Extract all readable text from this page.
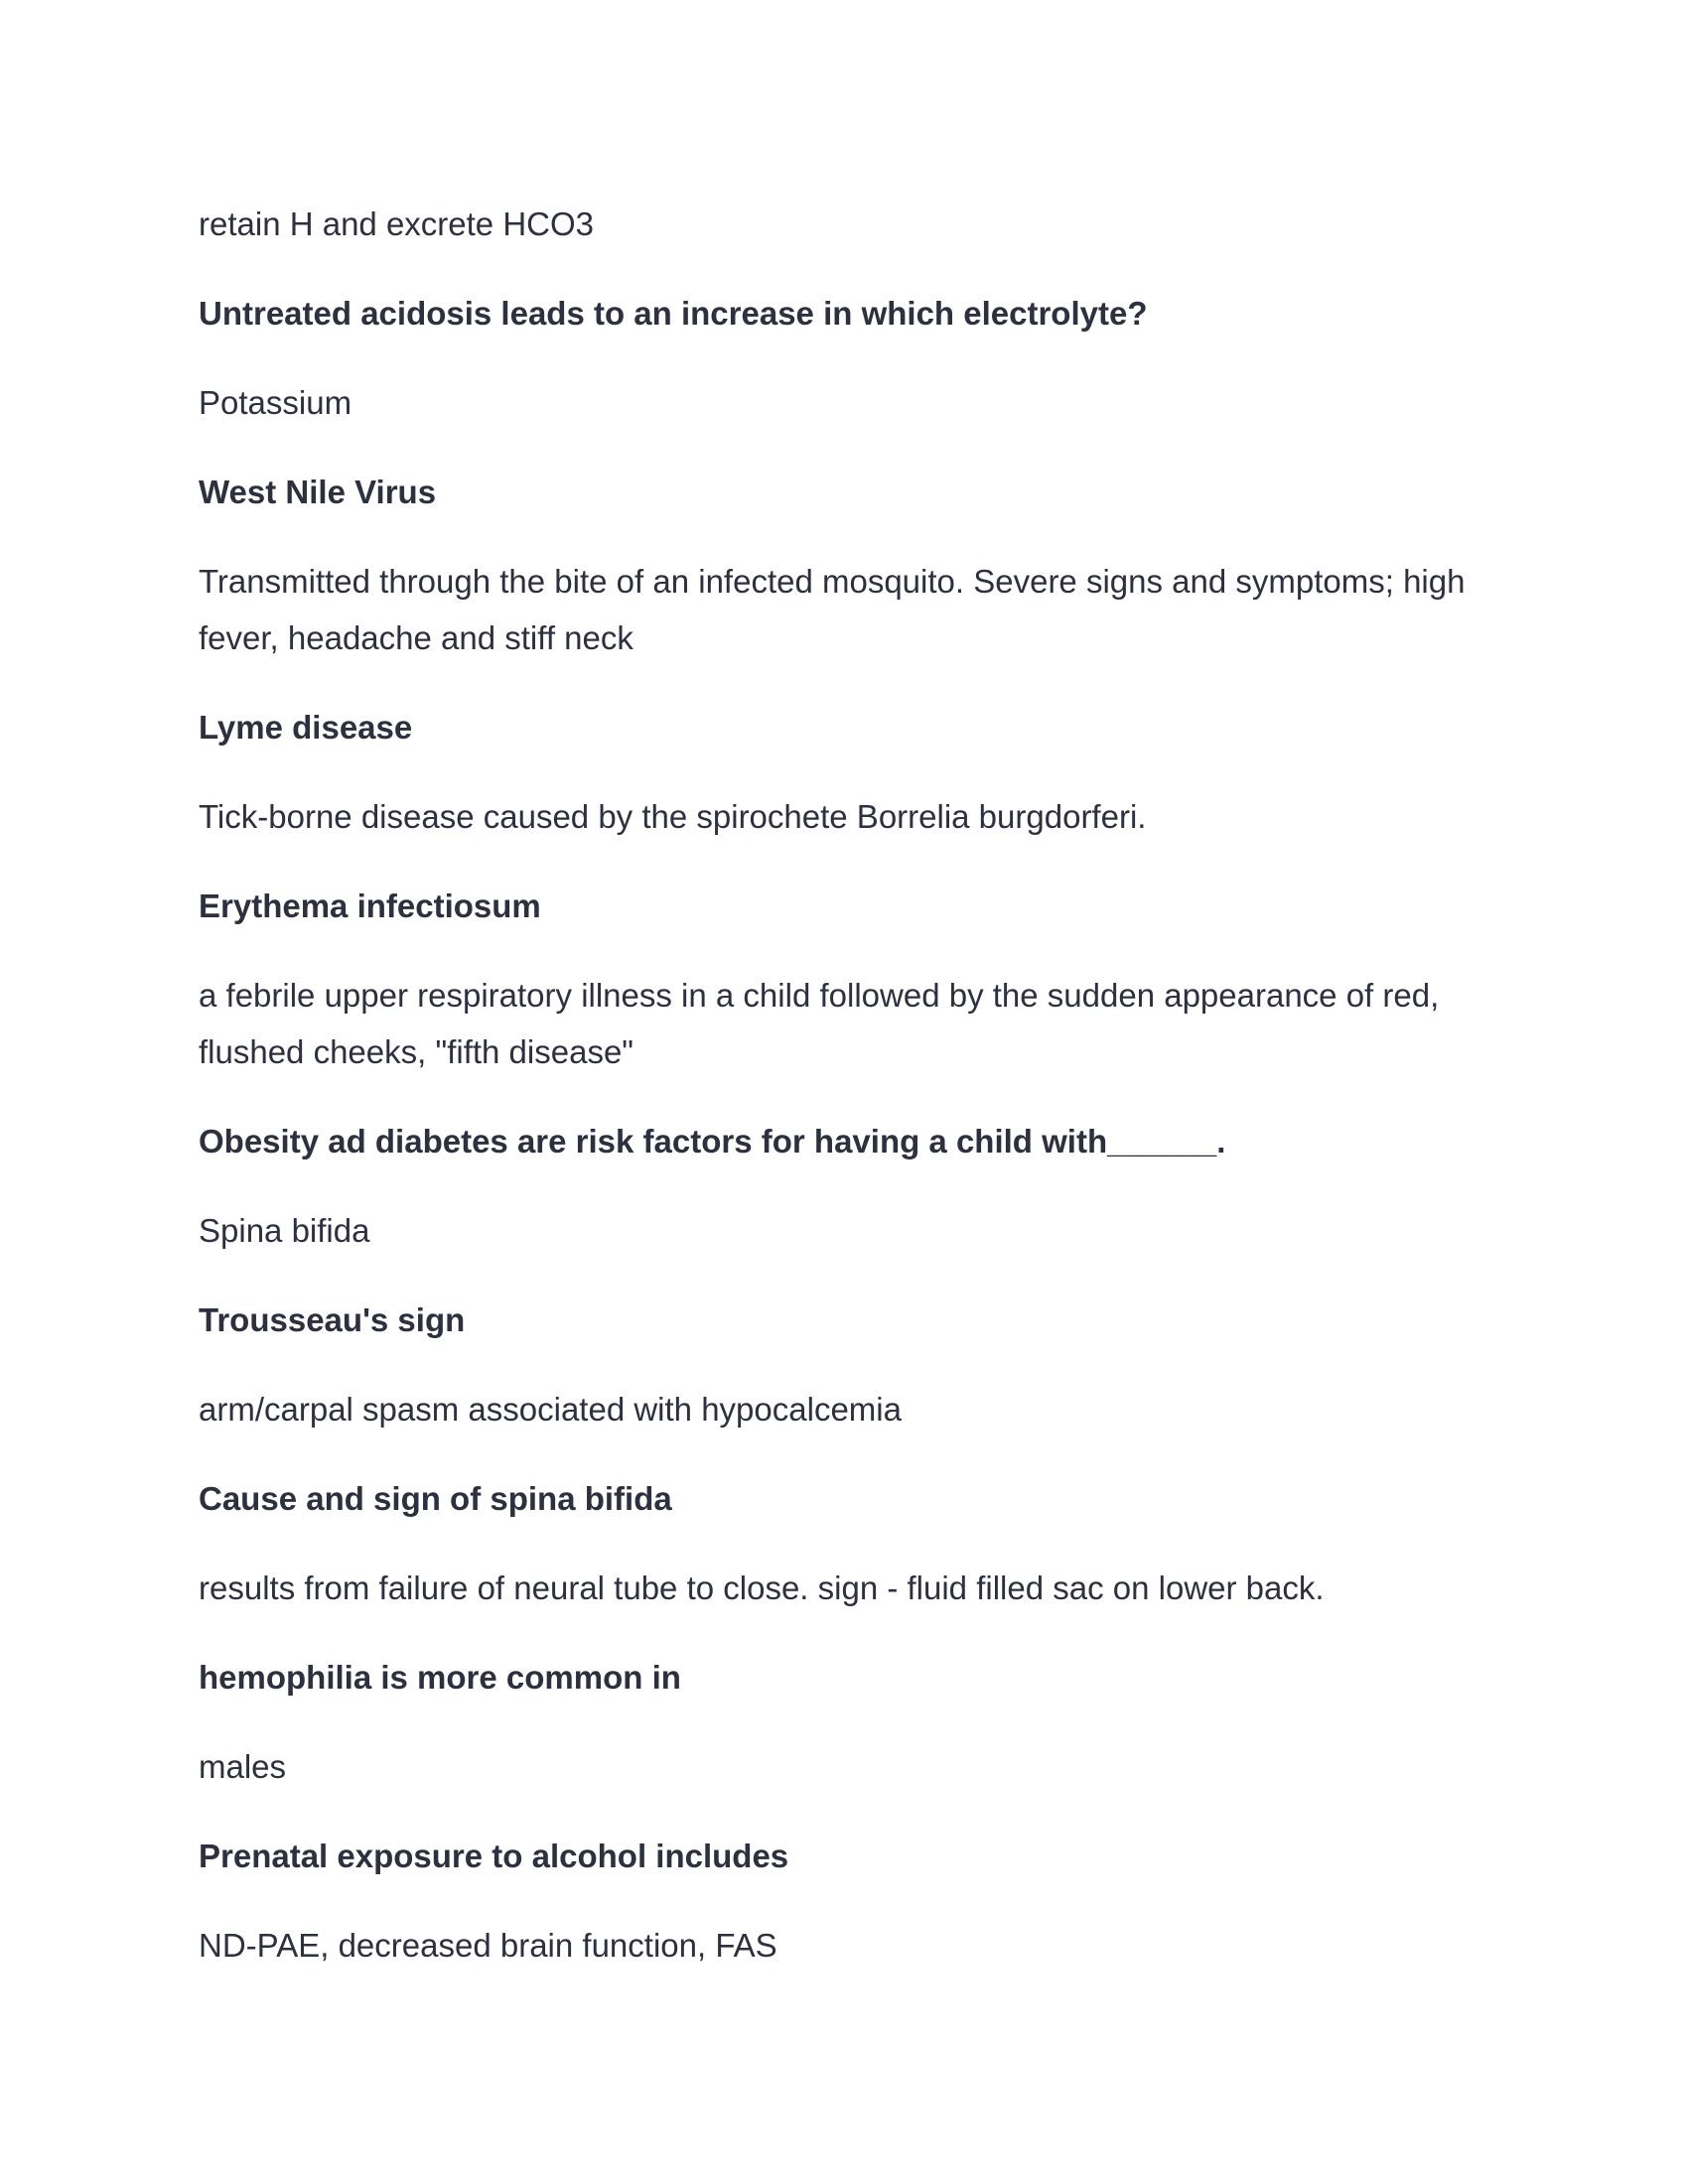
retain H and excrete HCO3

Untreated acidosis leads to an increase in which electrolyte?

Potassium

West Nile Virus

Transmitted through the bite of an infected mosquito. Severe signs and symptoms; high fever, headache and stiff neck

Lyme disease

Tick-borne disease caused by the spirochete Borrelia burgdorferi.

Erythema infectiosum

a febrile upper respiratory illness in a child followed by the sudden appearance of red, flushed cheeks, "fifth disease"

Obesity ad diabetes are risk factors for having a child with______.

Spina bifida

Trousseau's sign

arm/carpal spasm associated with hypocalcemia

Cause and sign of spina bifida

results from failure of neural tube to close. sign - fluid filled sac on lower back.

hemophilia is more common in

males

Prenatal exposure to alcohol includes

ND-PAE, decreased brain function, FAS
